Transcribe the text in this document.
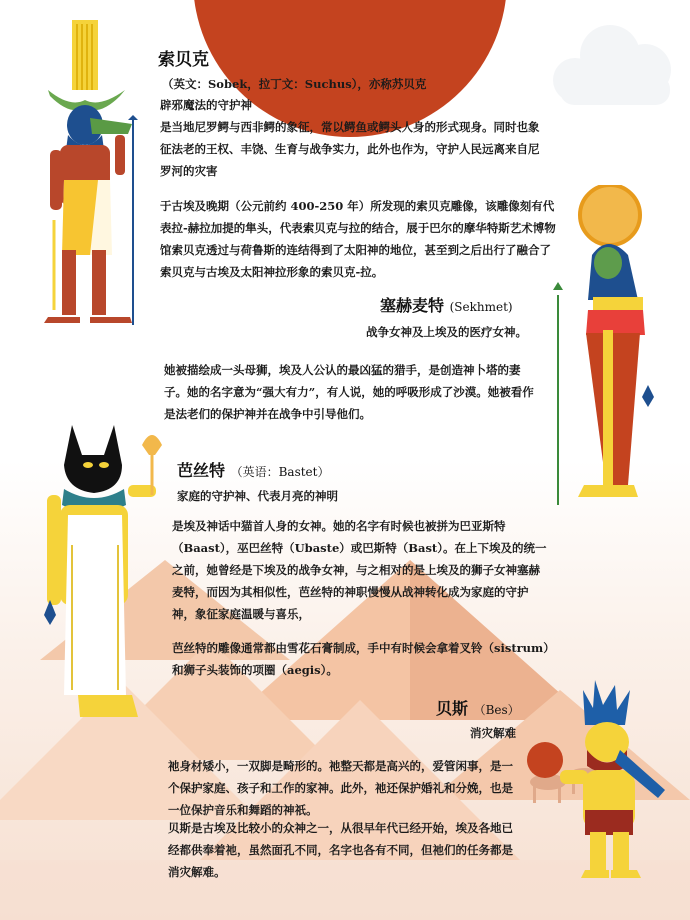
索贝克
（英文：Sobek，拉丁文：Suchus），亦称苏贝克
辟邪魔法的守护神
是当地尼罗鳄与西非鳄的象征，常以鳄鱼或鳄头人身的形式现身。同时也象征法老的王权、丰饶、生育与战争实力，此外也作为，守护人民远离来自尼罗河的灾害
于古埃及晚期（公元前约 400-250 年）所发现的索贝克雕像，该雕像刻有代表拉-赫拉加提的隼头，代表索贝克与拉的结合，展于巴尔的摩华特斯艺术博物馆索贝克透过与荷鲁斯的连结得到了太阳神的地位，甚至到之后出行了融合了索贝克与古埃及太阳神拉形象的索贝克-拉。
塞赫麦特 (Sekhmet)
战争女神及上埃及的医疗女神。
她被描绘成一头母狮，埃及人公认的最凶猛的猎手，是创造神卜塔的妻子。她的名字意为“强大有力”，有人说，她的呼吸形成了沙漠。她被看作是法老们的保护神并在战争中引导他们。
芭丝特 （英语：Bastet）
家庭的守护神、代表月亮的神明
是埃及神话中猫首人身的女神。她的名字有时候也被拼为巴亚斯特（Baast），巫巴丝特（Ubaste）或巴斯特（Bast）。在上下埃及的统一之前，她曾经是下埃及的战争女神，与之相对的是上埃及的狮子女神塞赫麦特，而因为其相似性，芭丝特的神职慢慢从战神转化成为家庭的守护神，象征家庭温暖与喜乐，
芭丝特的雕像通常都由雪花石膏制成，手中有时候会拿着叉铃（sistrum）和狮子头装饰的项圈（aegis）。
贝斯 （Bes）
消灾解难
祂身材矮小，一双脚是畸形的。祂整天都是高兴的，爱管闲事，是一个保护家庭、孩子和工作的家神。此外，祂还保护婚礼和分娩，也是一位保护音乐和舞蹈的神祇。
贝斯是古埃及比较小的众神之一，从很早年代已经开始，埃及各地已经都供奉着祂，虽然面孔不同，名字也各有不同，但祂们的任务都是消灾解难。
